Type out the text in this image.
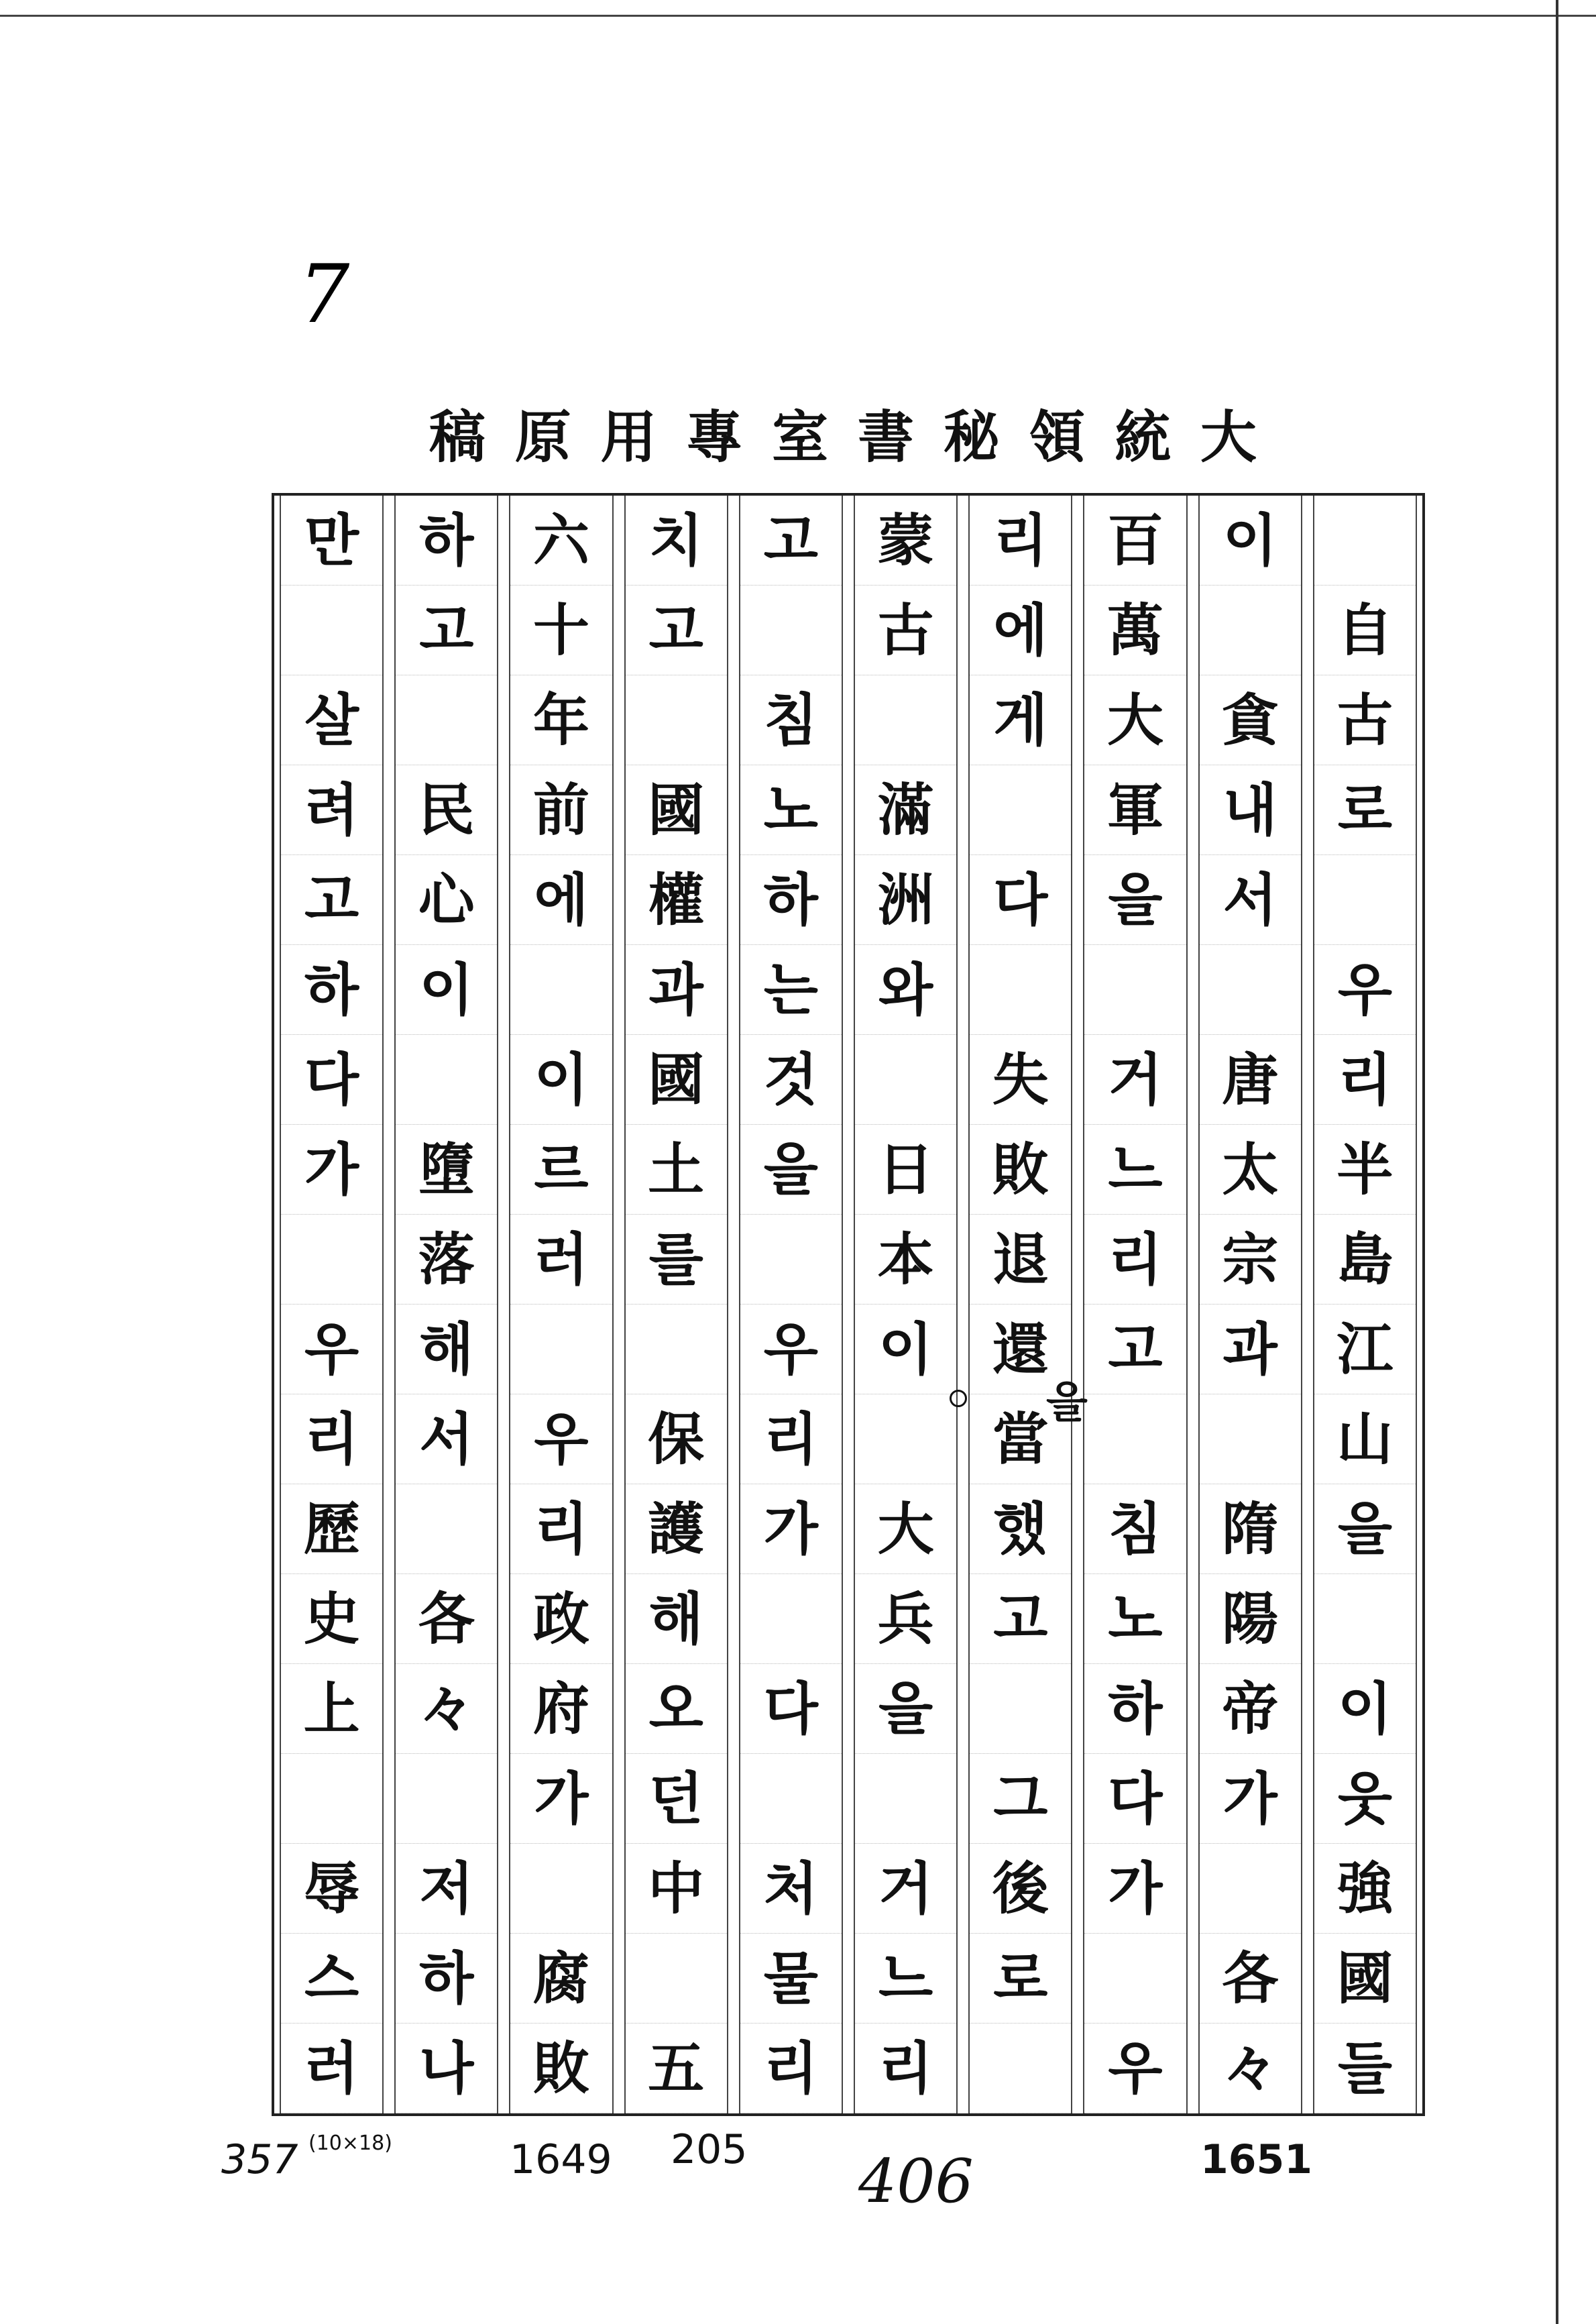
7
稿 原 用 專 室 書 秘 領 統 大
自
古
로
우
리
半
島
江
山
을
이
웃
強
國
들
이
貪
내
서
唐
太
宗
과
隋
陽
帝
가
各
々
百
萬
大
軍
을
거
느
리
고
침
노
하
다
가
우
리
에
게
다
失
敗
退
還
當
했
고
그
後
로
蒙
古
滿
洲
와
日
本
이
大
兵
을
거
느
리
고
침
노
하
는
것
을
우
리
가
다
처
물
리
치
고
國
權
과
國
土
를
保
護
해
오
던
中
五
六
十
年
前
에
이
르
러
우
리
政
府
가
腐
敗
하
고
民
心
이
墮
落
해
서
各
々
저
하
나
만
살
려
고
하
다
가
우
리
歷
史
上
辱
스
러
을
357 (10×18)	1649 205 406	1651
